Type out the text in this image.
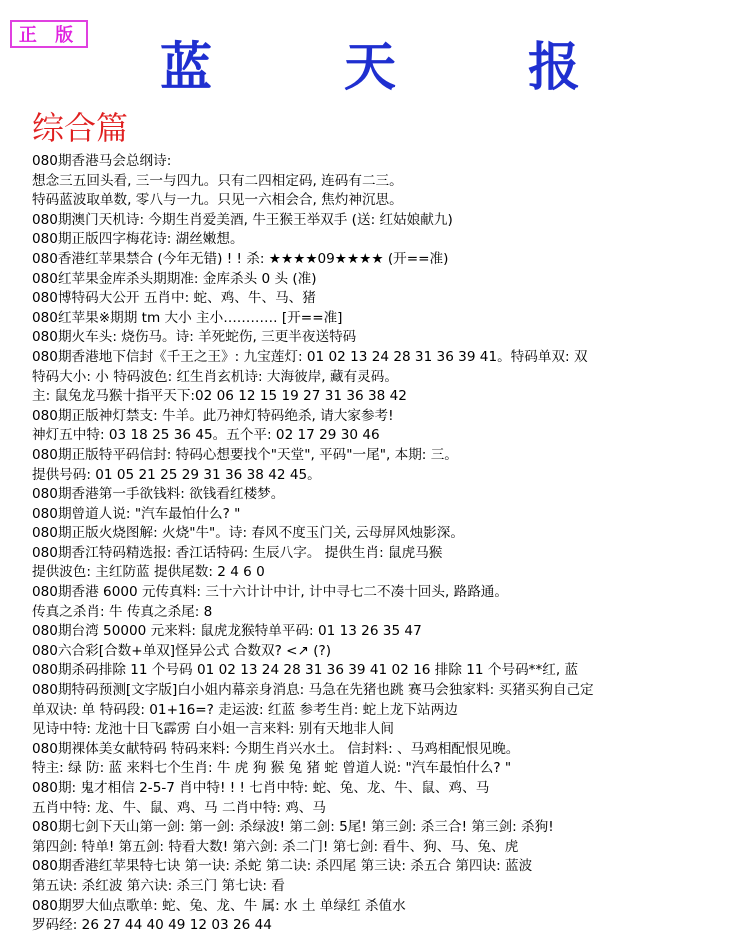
正 版
蓝	天	报
综合篇
080期香港马会总纲诗:
想念三五回头看, 三一与四九。只有二四相定码, 连码有二三。
特码蓝波取单数, 零八与一九。只见一六相会合, 焦灼神沉思。
080期澳门天机诗: 今期生肖爱美酒, 牛王猴王举双手 (送: 红姑娘献九)
080期正版四字梅花诗: 湖丝嫩想。
080香港红苹果禁合 (今年无错) ! ! 杀: ★★★★09★★★★ (开==准)
080红苹果金库杀头期期准: 金库杀头 0 头 (准)
080博特码大公开 五肖中: 蛇、鸡、牛、马、猪
080红苹果※期期 tm 大小 主小………… [开==准]
080期火车头: 烧伤马。诗: 羊死蛇伤, 三更半夜送特码
080期香港地下信封《千王之王》: 九宝莲灯: 01 02 13 24 28 31 36 39 41。特码单双: 双
特码大小: 小 特码波色: 红生肖玄机诗: 大海彼岸, 藏有灵码。
主: 鼠兔龙马猴十指平天下:02 06 12 15 19 27 31 36 38 42
080期正版神灯禁支: 牛羊。此乃神灯特码绝杀, 请大家参考!
神灯五中特: 03 18 25 36 45。五个平: 02 17 29 30 46
080期正版特平码信封: 特码心想要找个"天堂", 平码"一尾", 本期: 三。
提供号码: 01 05 21 25 29 31 36 38 42 45。
080期香港第一手欲钱料: 欲钱看红楼梦。
080期曾道人说: "汽车最怕什么? "
080期正版火烧图解: 火烧"牛"。诗: 春风不度玉门关, 云母屏风烛影深。
080期香江特码精选报: 香江话特码: 生辰八字。 提供生肖: 鼠虎马猴
提供波色: 主红防蓝 提供尾数: 2 4 6 0
080期香港 6000 元传真料: 三十六计计中计, 计中寻七二不凑十回头, 路路通。
传真之杀肖: 牛 传真之杀尾: 8
080期台湾 50000 元来料: 鼠虎龙猴特单平码: 01 13 26 35 47
080六合彩[合数+单双]怪异公式 合数双? <↗ (?)
080期杀码排除 11 个号码 01 02 13 24 28 31 36 39 41 02 16 排除 11 个号码**红, 蓝
080期特码预测[文字版]白小姐内幕亲身消息: 马急在先猪也跳 赛马会独家料: 买猪买狗自己定
单双诀: 单 特码段: 01+16=? 走运波: 红蓝 参考生肖: 蛇上龙下站两边
见诗中特: 龙池十日飞霹雳 白小姐一言来料: 别有天地非人间
080期裸体美女献特码 特码来料: 今期生肖兴水土。 信封料: 、马鸡相配恨见晚。
特主: 绿 防: 蓝 来料七个生肖: 牛 虎 狗 猴 兔 猪 蛇 曾道人说: "汽车最怕什么? "
080期: 鬼才相信 2-5-7 肖中特! ! ! 七肖中特: 蛇、兔、龙、牛、鼠、鸡、马
五肖中特: 龙、牛、鼠、鸡、马 二肖中特: 鸡、马
080期七剑下天山第一剑: 第一剑: 杀绿波! 第二剑: 5尾! 第三剑: 杀三合! 第三剑: 杀狗!
第四剑: 特单! 第五剑: 特看大数! 第六剑: 杀二门! 第七剑: 看牛、狗、马、兔、虎
080期香港红苹果特七诀 第一诀: 杀蛇 第二诀: 杀四尾 第三诀: 杀五合 第四诀: 蓝波
第五诀: 杀红波 第六诀: 杀三门 第七诀: 看
080期罗大仙点歌单: 蛇、兔、龙、牛 属: 水 土 单绿红 杀值水
罗码经: 26 27 44 40 49 12 03 26 44
